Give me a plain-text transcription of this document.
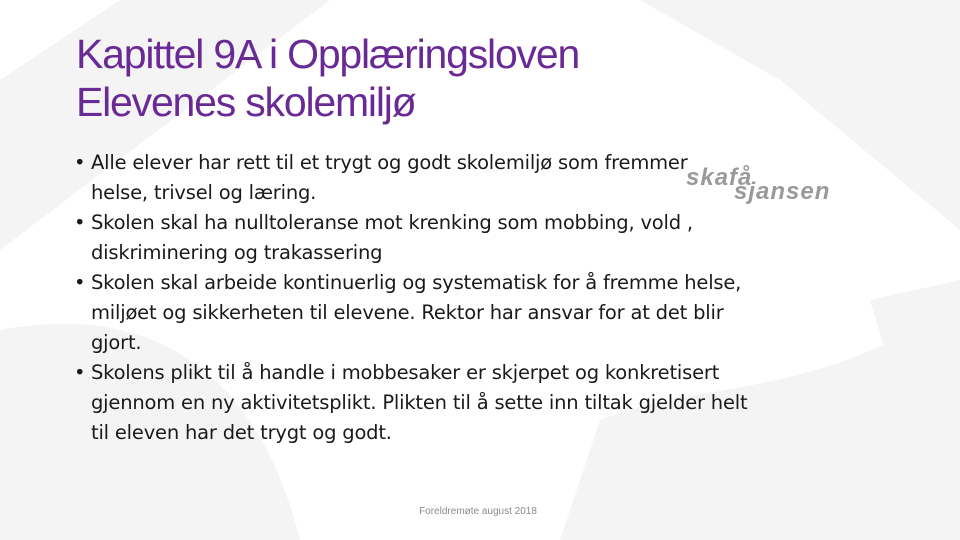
Kapittel 9A i Opplæringsloven
Elevenes skolemiljø
• Alle elever har rett til et trygt og godt skolemiljø som fremmer
helse, trivsel og læring.
• Skolen skal ha nulltoleranse mot krenking som mobbing, vold ,
diskriminering og trakassering
• Skolen skal arbeide kontinuerlig og systematisk for å fremme helse,
miljøet og sikkerheten til elevene. Rektor har ansvar for at det blir
gjort.
• Skolens plikt til å handle i mobbesaker er skjerpet og konkretisert
gjennom en ny aktivitetsplikt. Plikten til å sette inn tiltak gjelder helt
til eleven har det trygt og godt.
skafå
sjansen
Foreldremøte august 2018
